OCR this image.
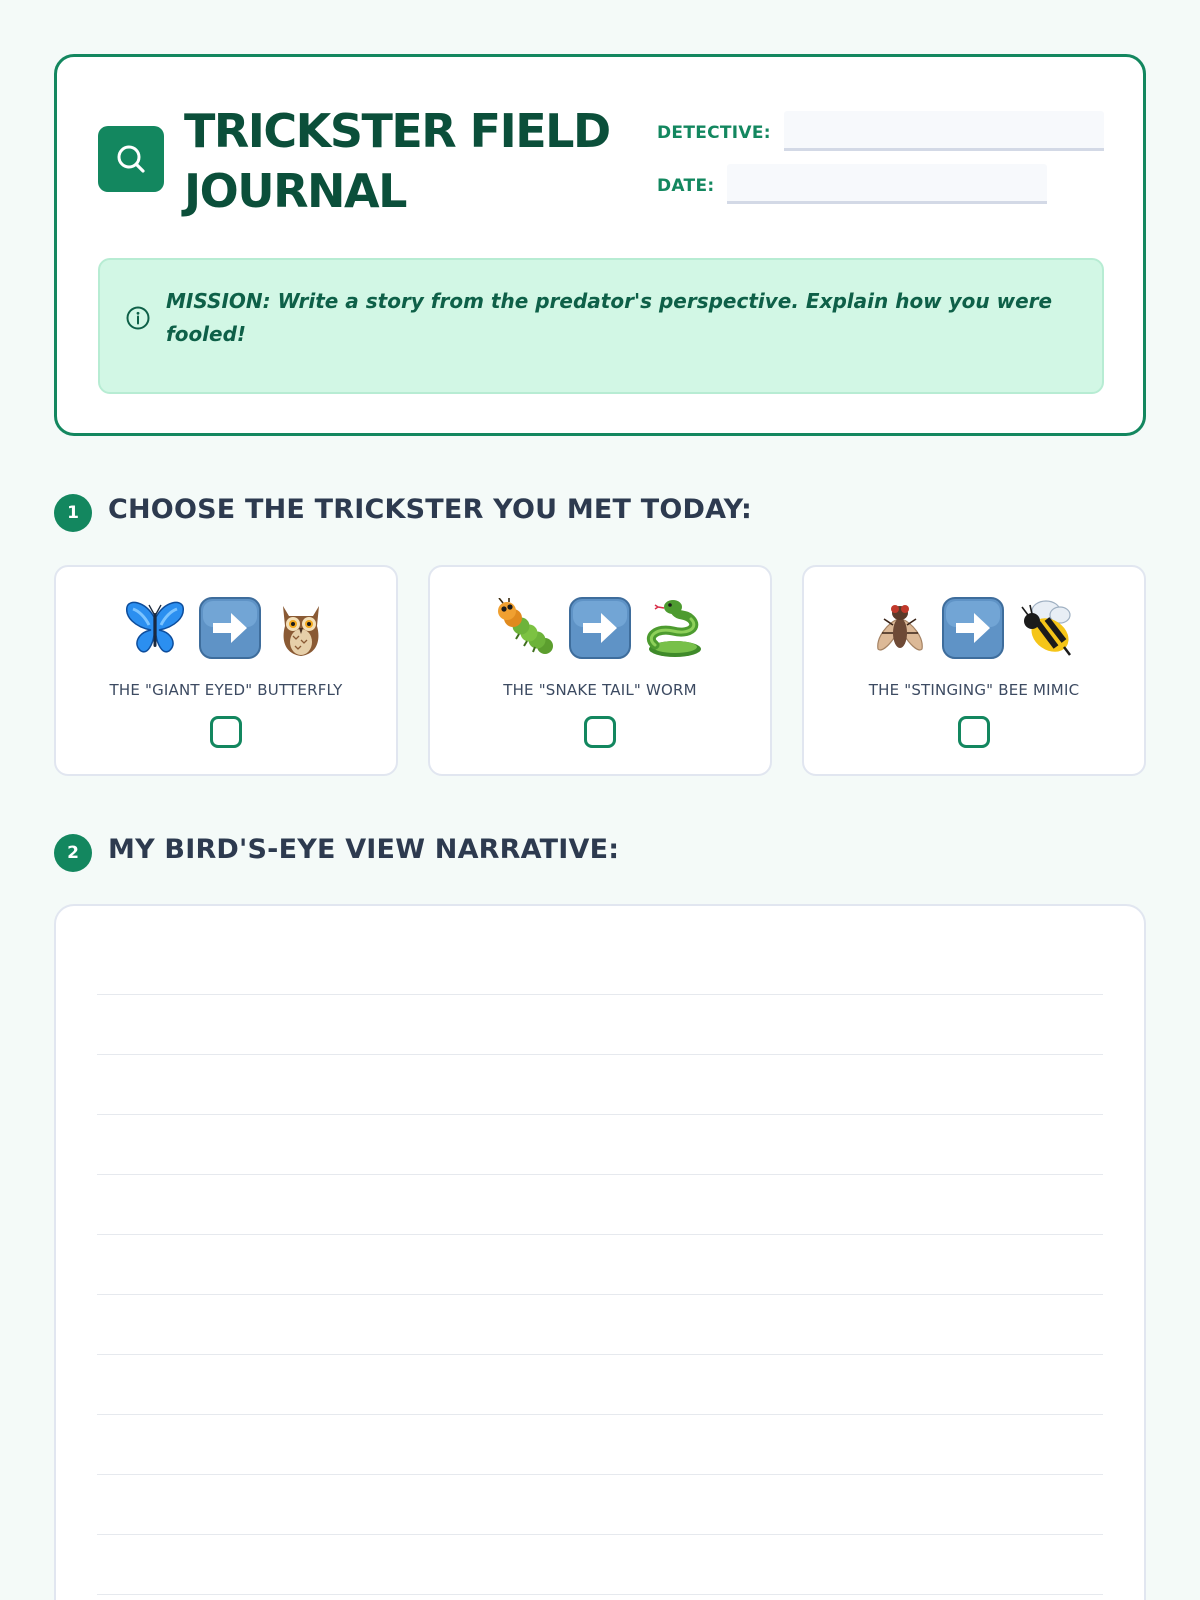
TRICKSTER FIELD JOURNAL
DETECTIVE:
DATE:
MISSION: Write a story from the predator's perspective. Explain how you were fooled!
1	CHOOSE THE TRICKSTER YOU MET TODAY:
THE "GIANT EYED" BUTTERFLY	THE "SNAKE TAIL" WORM	THE "STINGING" BEE MIMIC
2	MY BIRD'S-EYE VIEW NARRATIVE:
